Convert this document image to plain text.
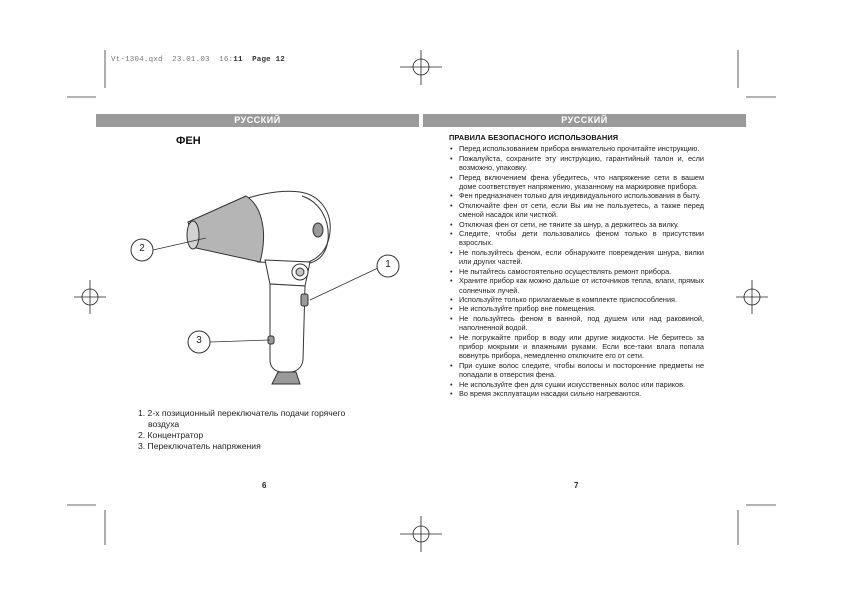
2
1
3
Vt-1304.qxd 23.01.03 16:11 Page 12
РУССКИЙ	РУССКИЙ
ФЕН
1. 2-х позиционный переключатель подачи горячего
воздуха
2. Концентратор
3. Переключатель напряжения
6
ПРАВИЛА БЕЗОПАСНОГО ИСПОЛЬЗОВАНИЯ
• Перед использованием прибора внимательно прочитайте инструкцию.
• Пожалуйста, сохраните эту инструкцию, гарантийный талон и, если возможно, упаковку.
• Перед включением фена убедитесь, что напряжение сети в вашем доме соответствует напряжению, указанному на маркировке прибора.
• Фен предназначен только для индивидуального использования в быту.
• Отключайте фен от сети, если Вы им не пользуетесь, а также перед сменой насадок или чисткой.
• Отключая фен от сети, не тяните за шнур, а держитесь за вилку.
• Следите, чтобы дети пользовались феном только в присутствии взрослых.
• Не пользуйтесь феном, если обнаружите повреждения шнура, вилки или других частей.
• Не пытайтесь самостоятельно осуществлять ремонт прибора.
• Храните прибор как можно дальше от источников тепла, влаги, прямых солнечных лучей.
• Используйте только прилагаемые в комплекте приспособления.
• Не используйте прибор вне помещения.
• Не пользуйтесь феном в ванной, под душем или над раковиной, наполненной водой.
• Не погружайте прибор в воду или другие жидкости. Не беритесь за прибор мокрыми и влажными руками. Если все-таки влага попала вовнутрь прибора, немедленно отключите его от сети.
• При сушке волос следите, чтобы волосы и посторонние предметы не попадали в отверстия фена.
• Не используйте фен для сушки искусственных волос или париков.
• Во время эксплуатации насадки сильно нагреваются.
7
